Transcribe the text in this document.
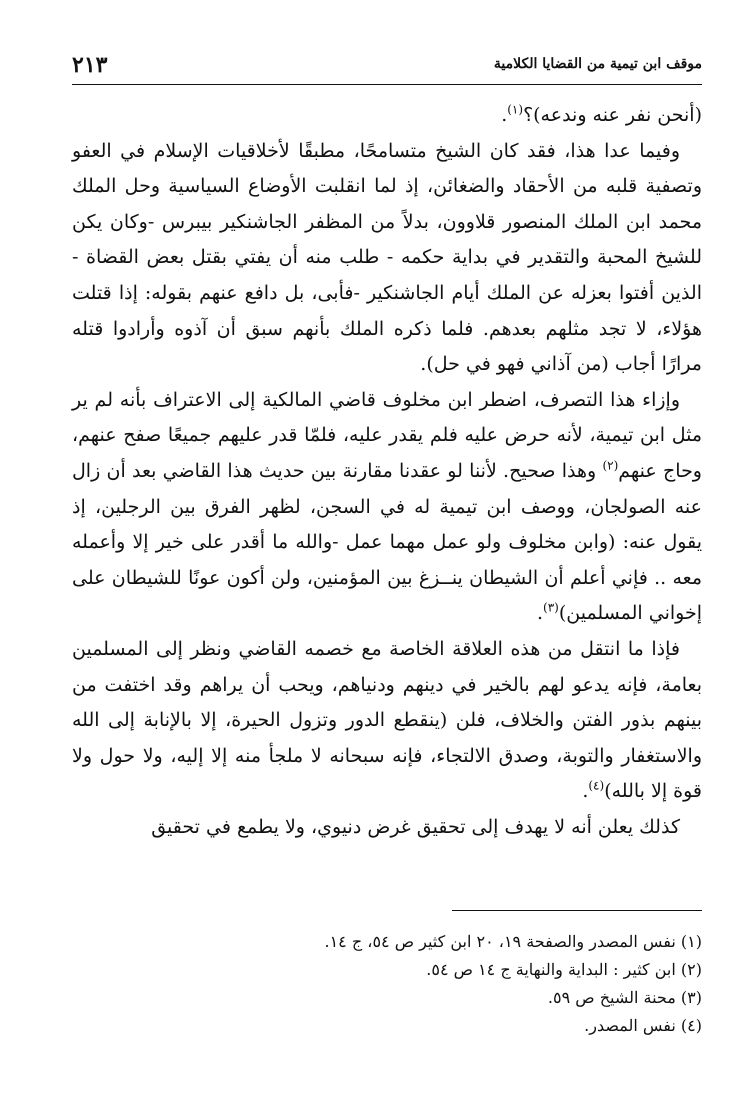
موقف ابن تيمية من القضايا الكلامية
٢١٣

(أنحن نفر عنه وندعه)؟$^{(١)}$.

وفيما عدا هذا، فقد كان الشيخ متسامحًا، مطبقًا لأخلاقيات الإسلام في العفو وتصفية قلبه من الأحقاد والضغائن، إذ لما انقلبت الأوضاع السياسية وحل الملك محمد ابن الملك المنصور قلاوون، بدلاً من المظفر الجاشنكير بيبرس -وكان يكن للشيخ المحبة والتقدير في بداية حكمه - طلب منه أن يفتي بقتل بعض القضاة - الذين أفتوا بعزله عن الملك أيام الجاشنكير -فأبى، بل دافع عنهم بقوله: إذا قتلت هؤلاء، لا تجد مثلهم بعدهم. فلما ذكره الملك بأنهم سبق أن آذوه وأرادوا قتله مرارًا أجاب (من آذاني فهو في حل).

وإزاء هذا التصرف، اضطر ابن مخلوف قاضي المالكية إلى الاعتراف بأنه لم ير مثل ابن تيمية، لأنه حرض عليه فلم يقدر عليه، فلمّا قدر عليهم جميعًا صفح عنهم، وحاج عنهم$^{(٢)}$ وهذا صحيح. لأننا لو عقدنا مقارنة بين حديث هذا القاضي بعد أن زال عنه الصولجان، ووصف ابن تيمية له في السجن، لظهر الفرق بين الرجلين، إذ يقول عنه: (وابن مخلوف ولو عمل مهما عمل -والله ما أقدر على خير إلا وأعمله معه .. فإني أعلم أن الشيطان ينــزغ بين المؤمنين، ولن أكون عونًا للشيطان على إخواني المسلمين)$^{(٣)}$.

فإذا ما انتقل من هذه العلاقة الخاصة مع خصمه القاضي ونظر إلى المسلمين بعامة، فإنه يدعو لهم بالخير في دينهم ودنياهم، ويحب أن يراهم وقد اختفت من بينهم بذور الفتن والخلاف، فلن (ينقطع الدور وتزول الحيرة، إلا بالإنابة إلى الله والاستغفار والتوبة، وصدق الالتجاء، فإنه سبحانه لا ملجأ منه إلا إليه، ولا حول ولا قوة إلا بالله)$^{(٤)}$.

كذلك يعلن أنه لا يهدف إلى تحقيق غرض دنيوي، ولا يطمع في تحقيق

(١) نفس المصدر والصفحة ١٩، ٢٠ ابن كثير ص ٥٤، ج ١٤.
(٢) ابن كثير : البداية والنهاية ج ١٤ ص ٥٤.
(٣) محنة الشيخ ص ٥٩.
(٤) نفس المصدر.
